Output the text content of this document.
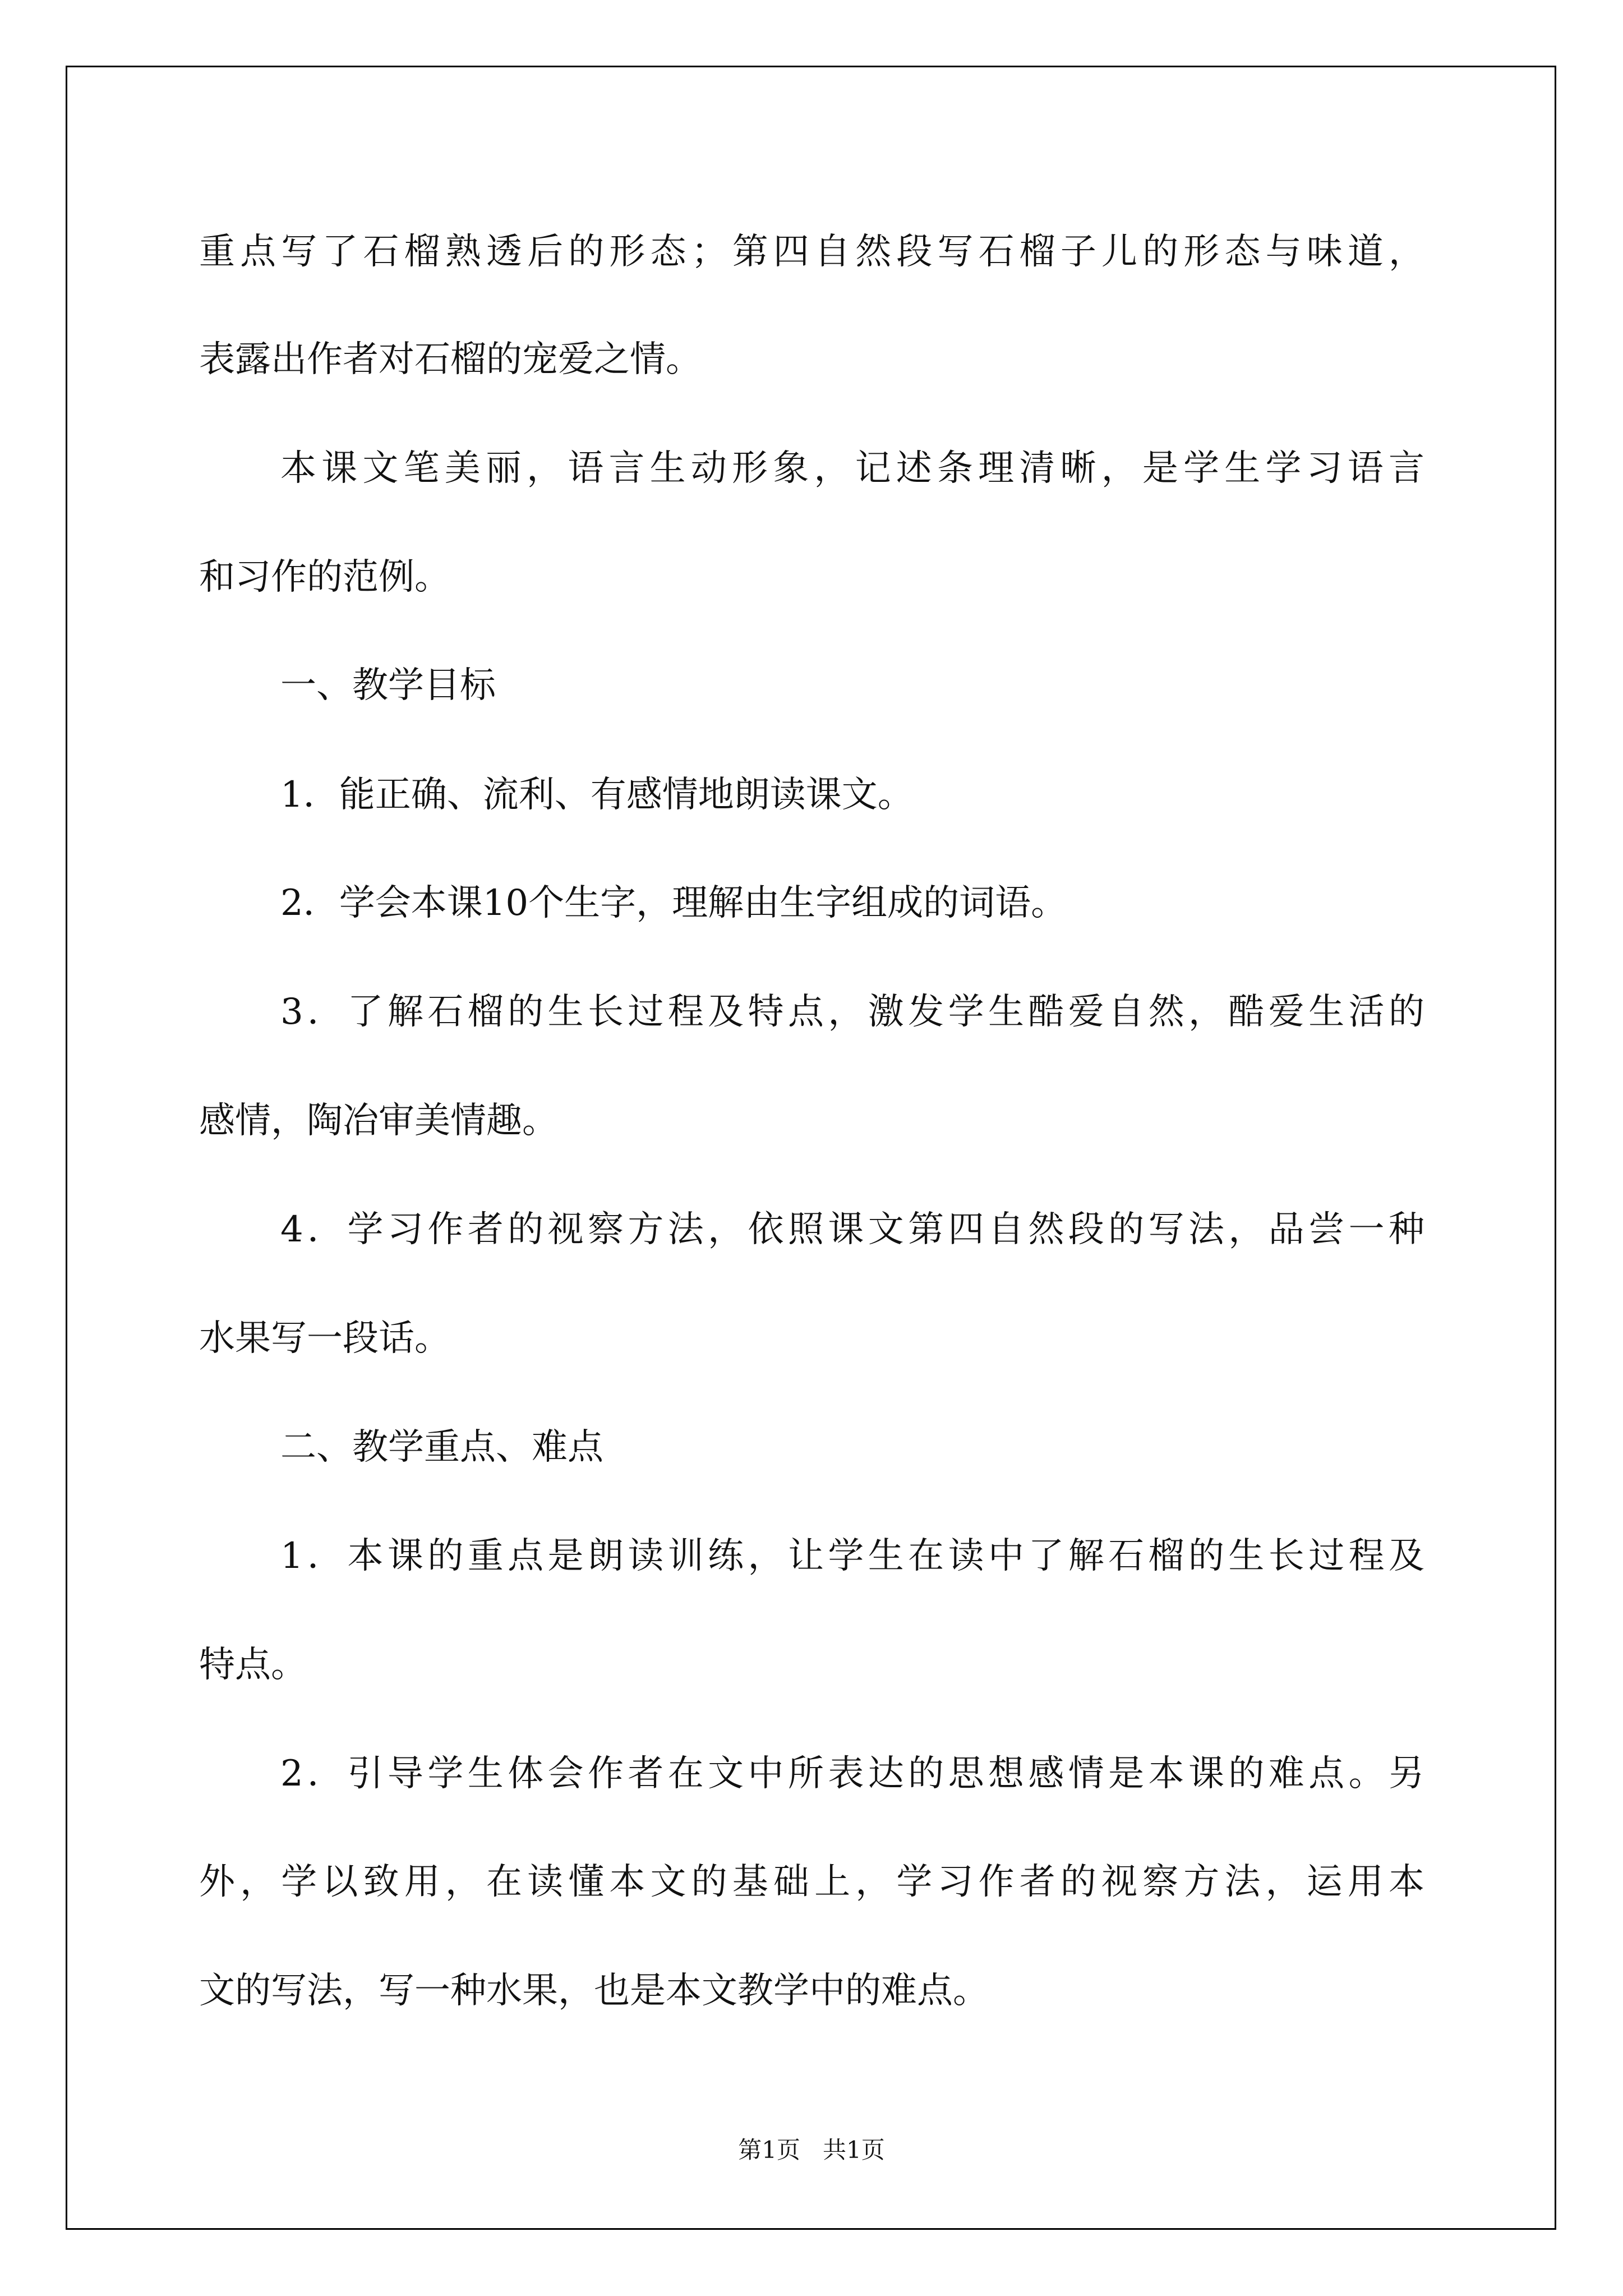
重点写了石榴熟透后的形态；第四自然段写石榴子儿的形态与味道，
表露出作者对石榴的宠爱之情。
本课文笔美丽，语言生动形象，记述条理清晰，是学生学习语言
和习作的范例。
一、教学目标
1．能正确、流利、有感情地朗读课文。
2．学会本课10个生字，理解由生字组成的词语。
3．了解石榴的生长过程及特点，激发学生酷爱自然，酷爱生活的
感情，陶冶审美情趣。
4．学习作者的视察方法，依照课文第四自然段的写法，品尝一种
水果写一段话。
二、教学重点、难点
1．本课的重点是朗读训练，让学生在读中了解石榴的生长过程及
特点。
2．引导学生体会作者在文中所表达的思想感情是本课的难点。另
外，学以致用，在读懂本文的基础上，学习作者的视察方法，运用本
文的写法，写一种水果，也是本文教学中的难点。
第1页 共1页
